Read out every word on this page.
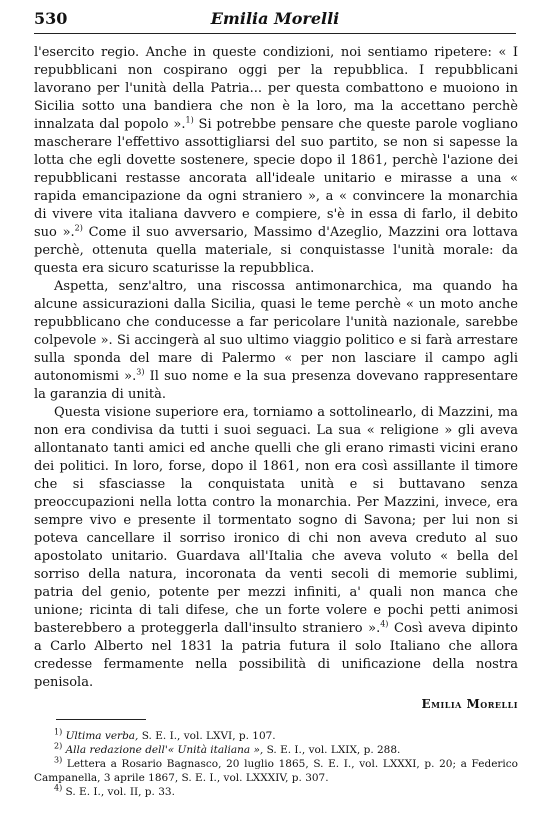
530	Emilia Morelli

l'esercito regio. Anche in queste condizioni, noi sentiamo ripetere: « I repubblicani non cospirano oggi per la repubblica. I repubblicani lavorano per l'unità della Patria... per questa combattono e muoiono in Sicilia sotto una bandiera che non è la loro, ma la accettano perchè innalzata dal popolo ».$^{1)}$ Si potrebbe pensare che queste parole vogliano mascherare l'effettivo assottigliarsi del suo partito, se non si sapesse la lotta che egli dovette sostenere, specie dopo il 1861, perchè l'azione dei repubblicani restasse ancorata all'ideale unitario e mirasse a una « rapida emancipazione da ogni straniero », a « convincere la monarchia di vivere vita italiana davvero e compiere, s'è in essa di farlo, il debito suo ».$^{2)}$ Come il suo avversario, Massimo d'Azeglio, Mazzini ora lottava perchè, ottenuta quella materiale, si conquistasse l'unità morale: da questa era sicuro scaturisse la repubblica.

Aspetta, senz'altro, una riscossa antimonarchica, ma quando ha alcune assicurazioni dalla Sicilia, quasi le teme perchè « un moto anche repubblicano che conducesse a far pericolare l'unità nazionale, sarebbe colpevole ». Si accingerà al suo ultimo viaggio politico e si farà arrestare sulla sponda del mare di Palermo « per non lasciare il campo agli autonomismi ».$^{3)}$ Il suo nome e la sua presenza dovevano rappresentare la garanzia di unità.

Questa visione superiore era, torniamo a sottolinearlo, di Mazzini, ma non era condivisa da tutti i suoi seguaci. La sua « religione » gli aveva allontanato tanti amici ed anche quelli che gli erano rimasti vicini erano dei politici. In loro, forse, dopo il 1861, non era così assillante il timore che si sfasciasse la conquistata unità e si buttavano senza preoccupazioni nella lotta contro la monarchia. Per Mazzini, invece, era sempre vivo e presente il tormentato sogno di Savona; per lui non si poteva cancellare il sorriso ironico di chi non aveva creduto al suo apostolato unitario. Guardava all'Italia che aveva voluto « bella del sorriso della natura, incoronata da venti secoli di memorie sublimi, patria del genio, potente per mezzi infiniti, a' quali non manca che unione; ricinta di tali difese, che un forte volere e pochi petti animosi basterebbero a proteggerla dall'insulto straniero ».$^{4)}$ Così aveva dipinto a Carlo Alberto nel 1831 la patria futura il solo Italiano che allora credesse fermamente nella possibilità di unificazione della nostra penisola.

Emilia Morelli

$^{1)}$ Ultima verba, S. E. I., vol. LXVI, p. 107.

$^{2)}$ Alla redazione dell'« Unità italiana », S. E. I., vol. LXIX, p. 288.

$^{3)}$ Lettera a Rosario Bagnasco, 20 luglio 1865, S. E. I., vol. LXXXI, p. 20; a Federico Campanella, 3 aprile 1867, S. E. I., vol. LXXXIV, p. 307.

$^{4)}$ S. E. I., vol. II, p. 33.
